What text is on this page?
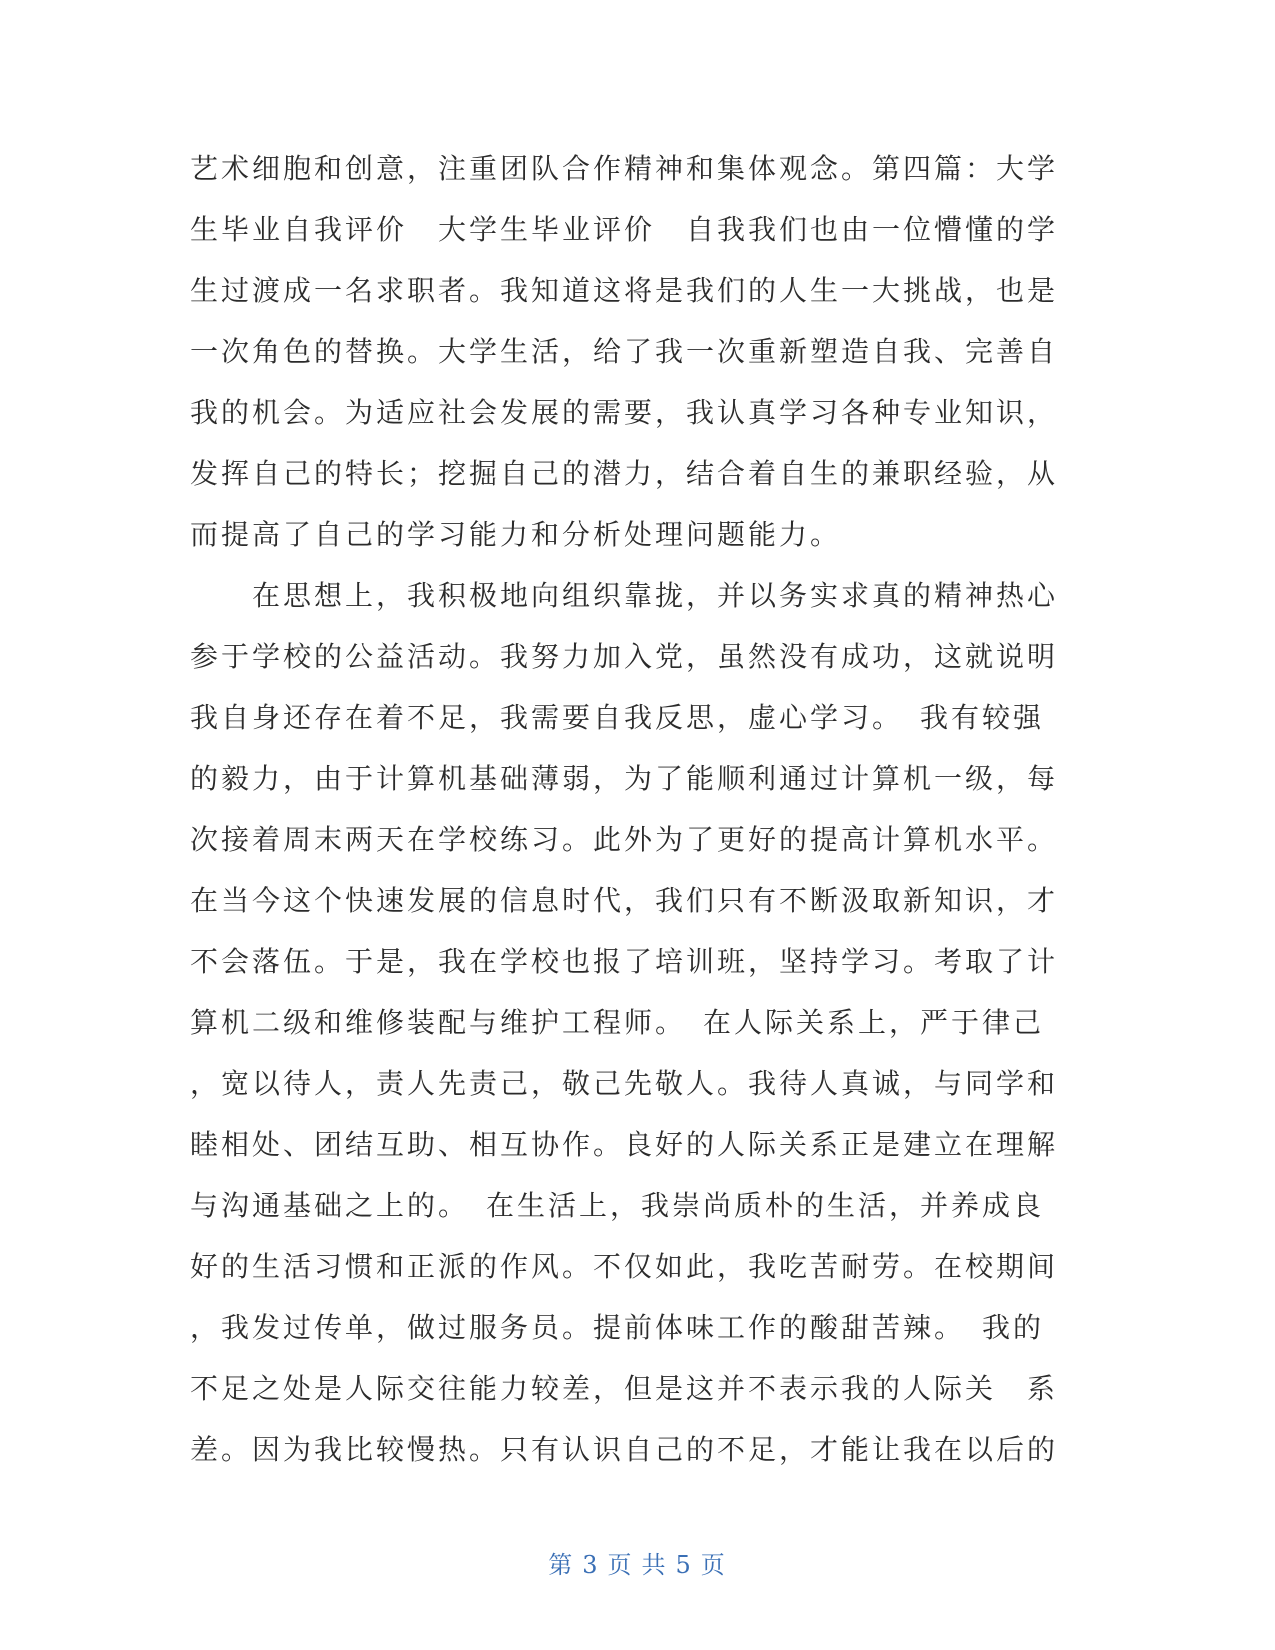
艺术细胞和创意，注重团队合作精神和集体观念。第四篇：大学
生毕业自我评价　大学生毕业评价　自我我们也由一位懵懂的学
生过渡成一名求职者。我知道这将是我们的人生一大挑战，也是
一次角色的替换。大学生活，给了我一次重新塑造自我、完善自
我的机会。为适应社会发展的需要，我认真学习各种专业知识，
发挥自己的特长；挖掘自己的潜力，结合着自生的兼职经验，从
而提高了自己的学习能力和分析处理问题能力。
　　在思想上，我积极地向组织靠拢，并以务实求真的精神热心
参于学校的公益活动。我努力加入党，虽然没有成功，这就说明
我自身还存在着不足，我需要自我反思，虚心学习。　我有较强
的毅力，由于计算机基础薄弱，为了能顺利通过计算机一级，每
次接着周末两天在学校练习。此外为了更好的提高计算机水平。
在当今这个快速发展的信息时代，我们只有不断汲取新知识，才
不会落伍。于是，我在学校也报了培训班，坚持学习。考取了计
算机二级和维修装配与维护工程师。　在人际关系上，严于律己
，宽以待人，责人先责己，敬己先敬人。我待人真诚，与同学和
睦相处、团结互助、相互协作。良好的人际关系正是建立在理解
与沟通基础之上的。　在生活上，我崇尚质朴的生活，并养成良
好的生活习惯和正派的作风。不仅如此，我吃苦耐劳。在校期间
，我发过传单，做过服务员。提前体味工作的酸甜苦辣。　我的
不足之处是人际交往能力较差，但是这并不表示我的人际关　系
差。因为我比较慢热。只有认识自己的不足，才能让我在以后的
第 3 页 共 5 页
